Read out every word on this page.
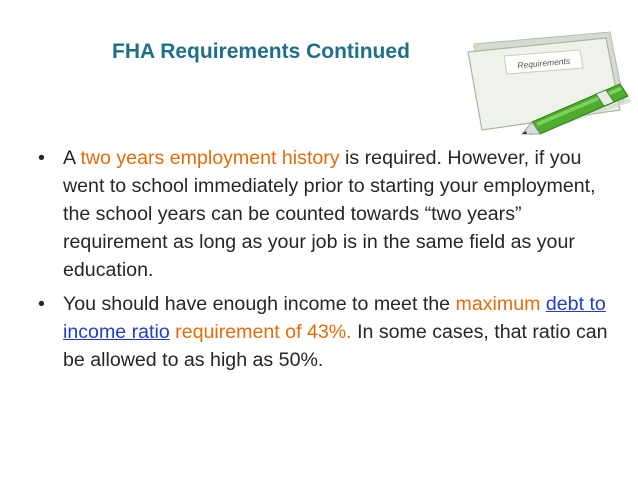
FHA Requirements Continued
Requirements
• A two years employment history is required. However, if you went to school immediately prior to starting your employment, the school years can be counted towards “two years” requirement as long as your job is in the same field as your education.
• You should have enough income to meet the maximum debt to income ratio requirement of 43%. In some cases, that ratio can be allowed to as high as 50%.
